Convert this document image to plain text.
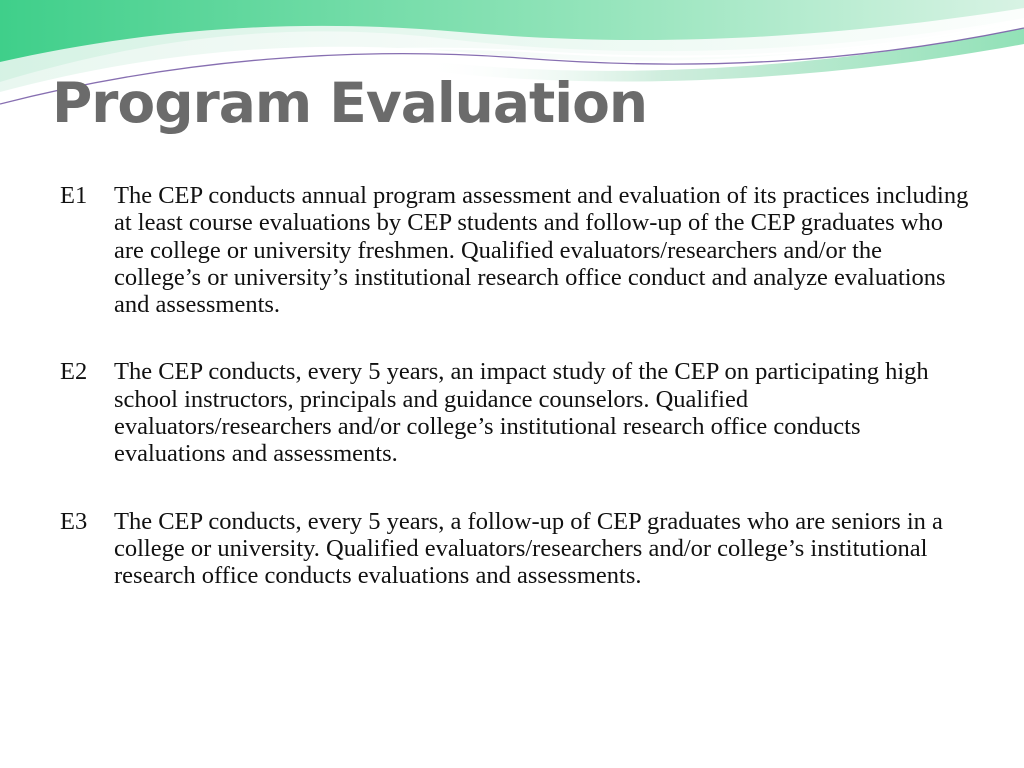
Program Evaluation
E1	The CEP conducts annual program assessment and evaluation of its practices including at least course evaluations by CEP students and follow-up of the CEP graduates who are college or university freshmen. Qualified evaluators/researchers and/or the college’s or university’s institutional research office conduct and analyze evaluations and assessments.
E2	The CEP conducts, every 5 years, an impact study of the CEP on participating high school instructors, principals and guidance counselors. Qualified evaluators/researchers and/or college’s institutional research office conducts evaluations and assessments.
E3	The CEP conducts, every 5 years, a follow-up of CEP graduates who are seniors in a college or university. Qualified evaluators/researchers and/or college’s institutional research office conducts evaluations and assessments.
